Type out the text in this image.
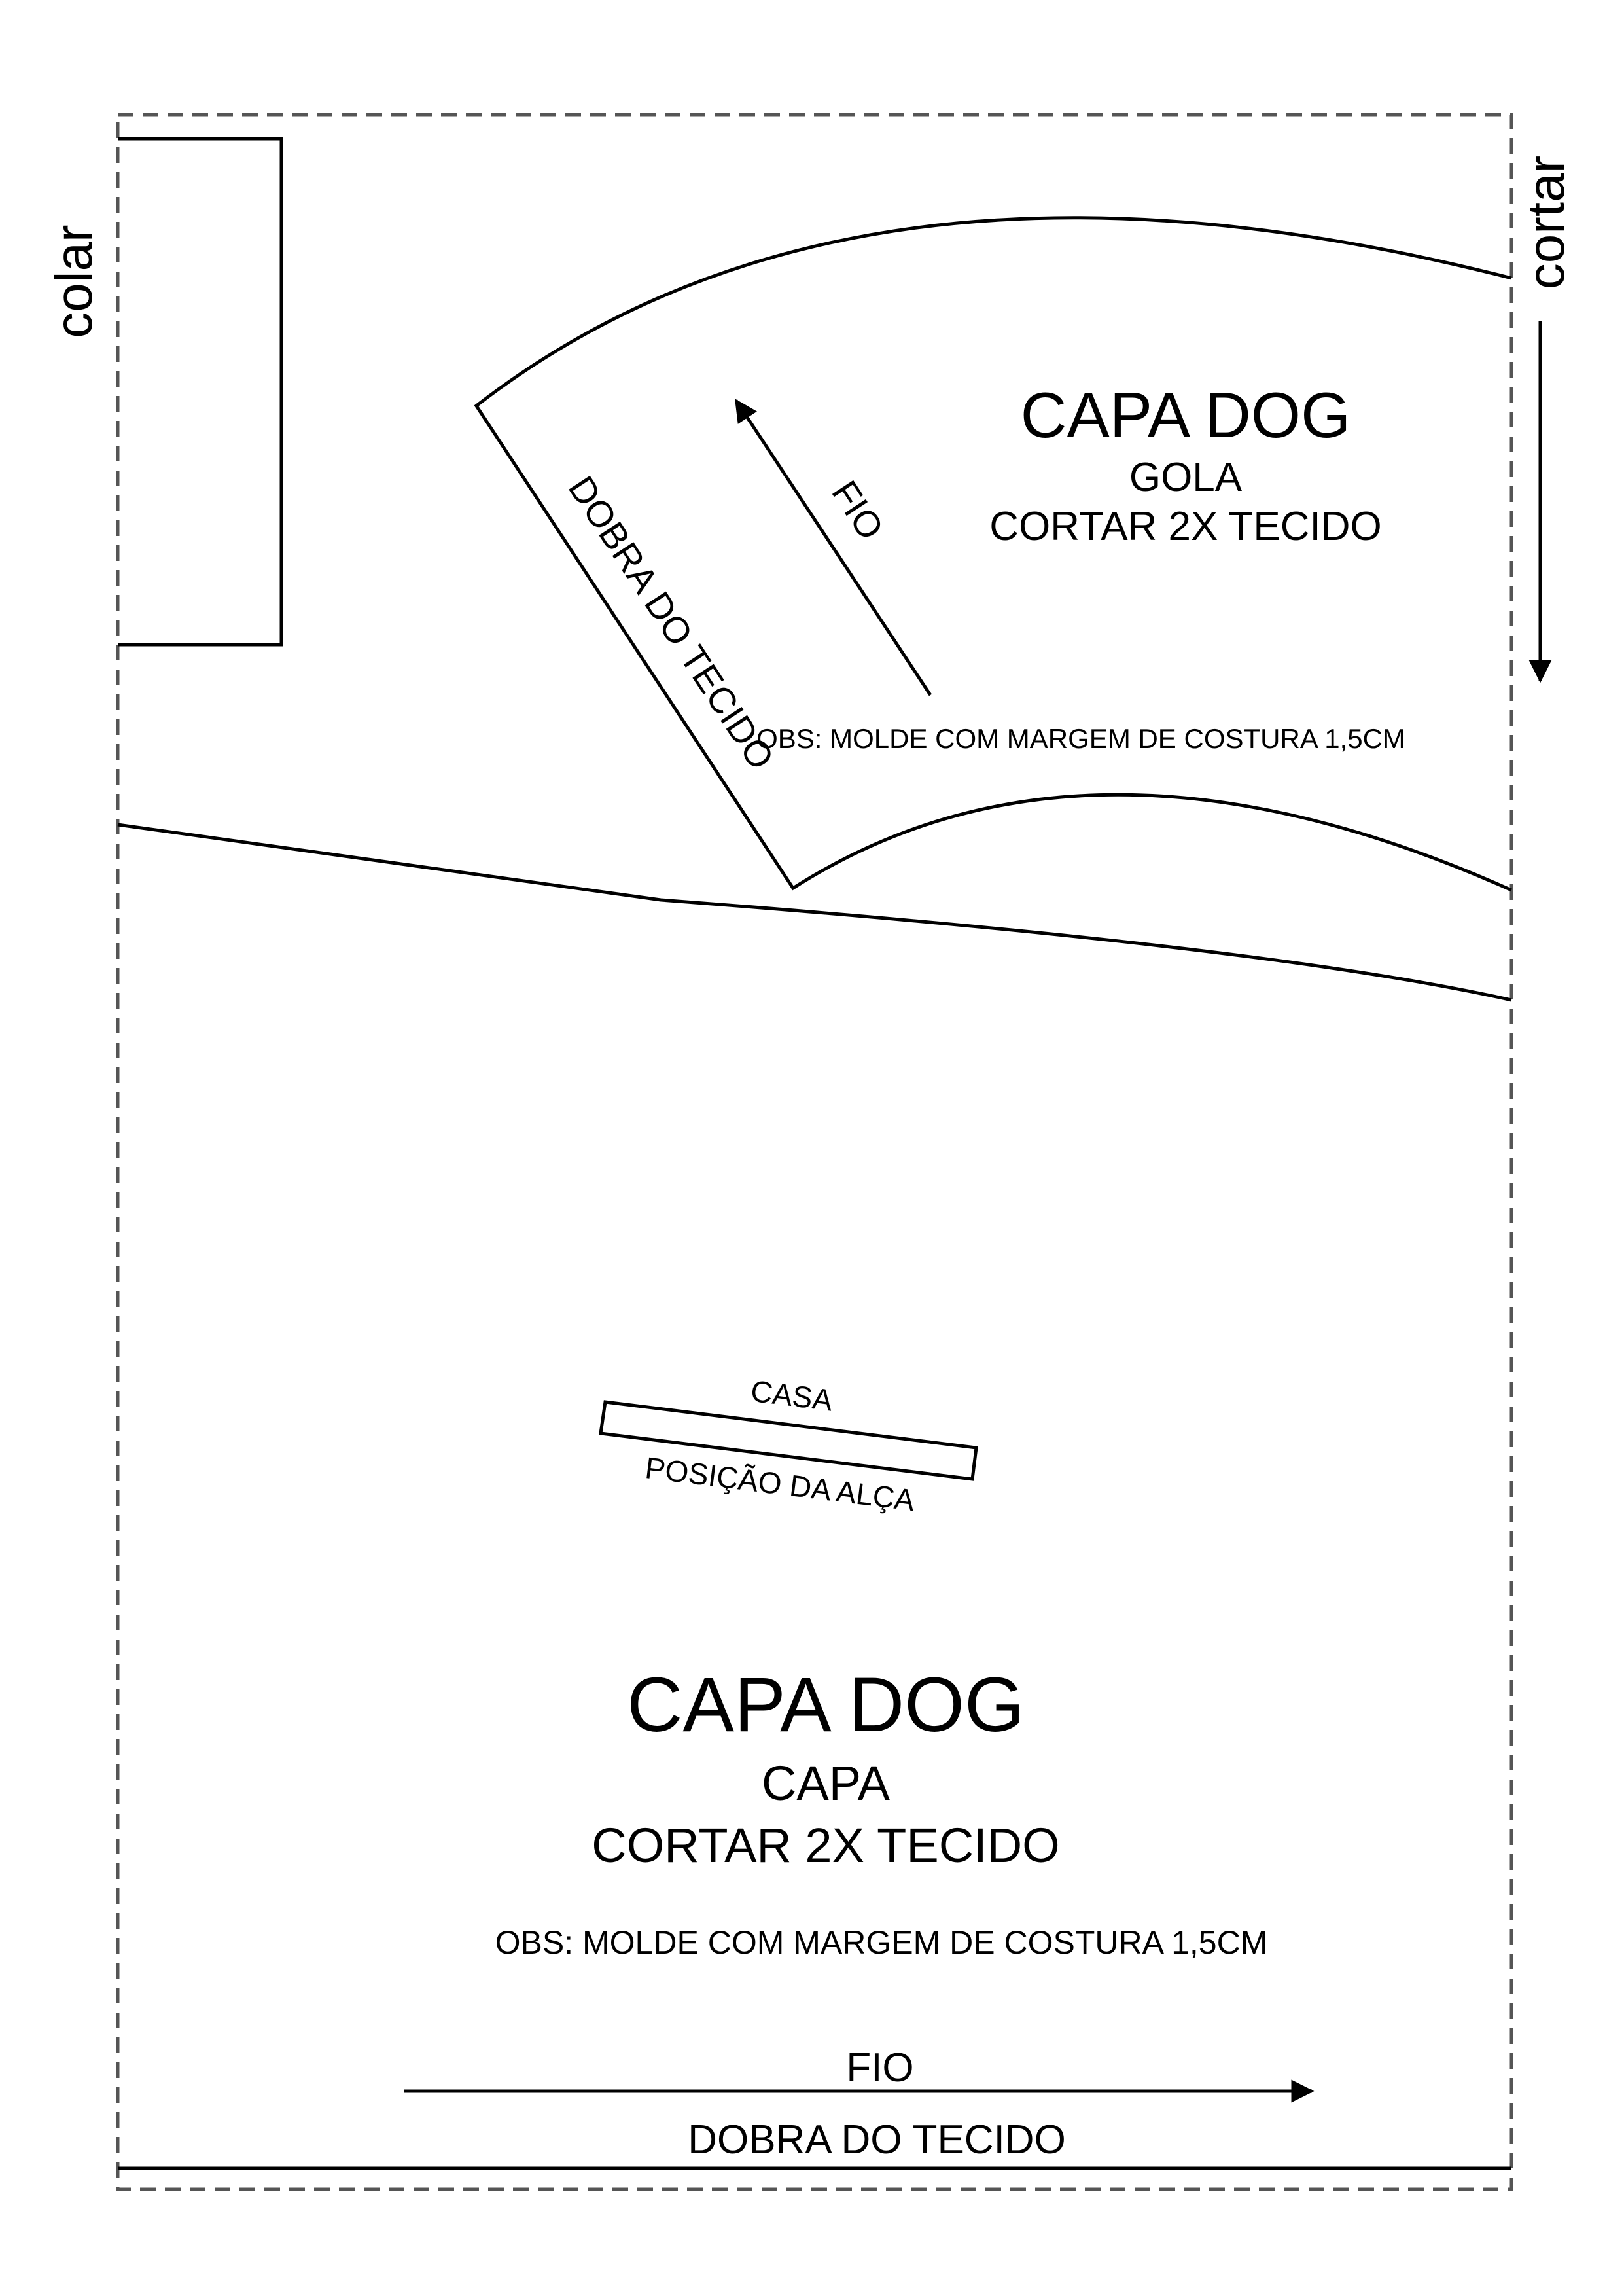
colar	cortar
DOBRA DO TECIDO FIO
CAPA DOG
GOLA
CORTAR 2X TECIDO
OBS: MOLDE COM MARGEM DE COSTURA 1,5CM
CASA
POSIÇÃO DA ALÇA
CAPA DOG
CAPA
CORTAR 2X TECIDO
OBS: MOLDE COM MARGEM DE COSTURA 1,5CM
FIO
DOBRA DO TECIDO
